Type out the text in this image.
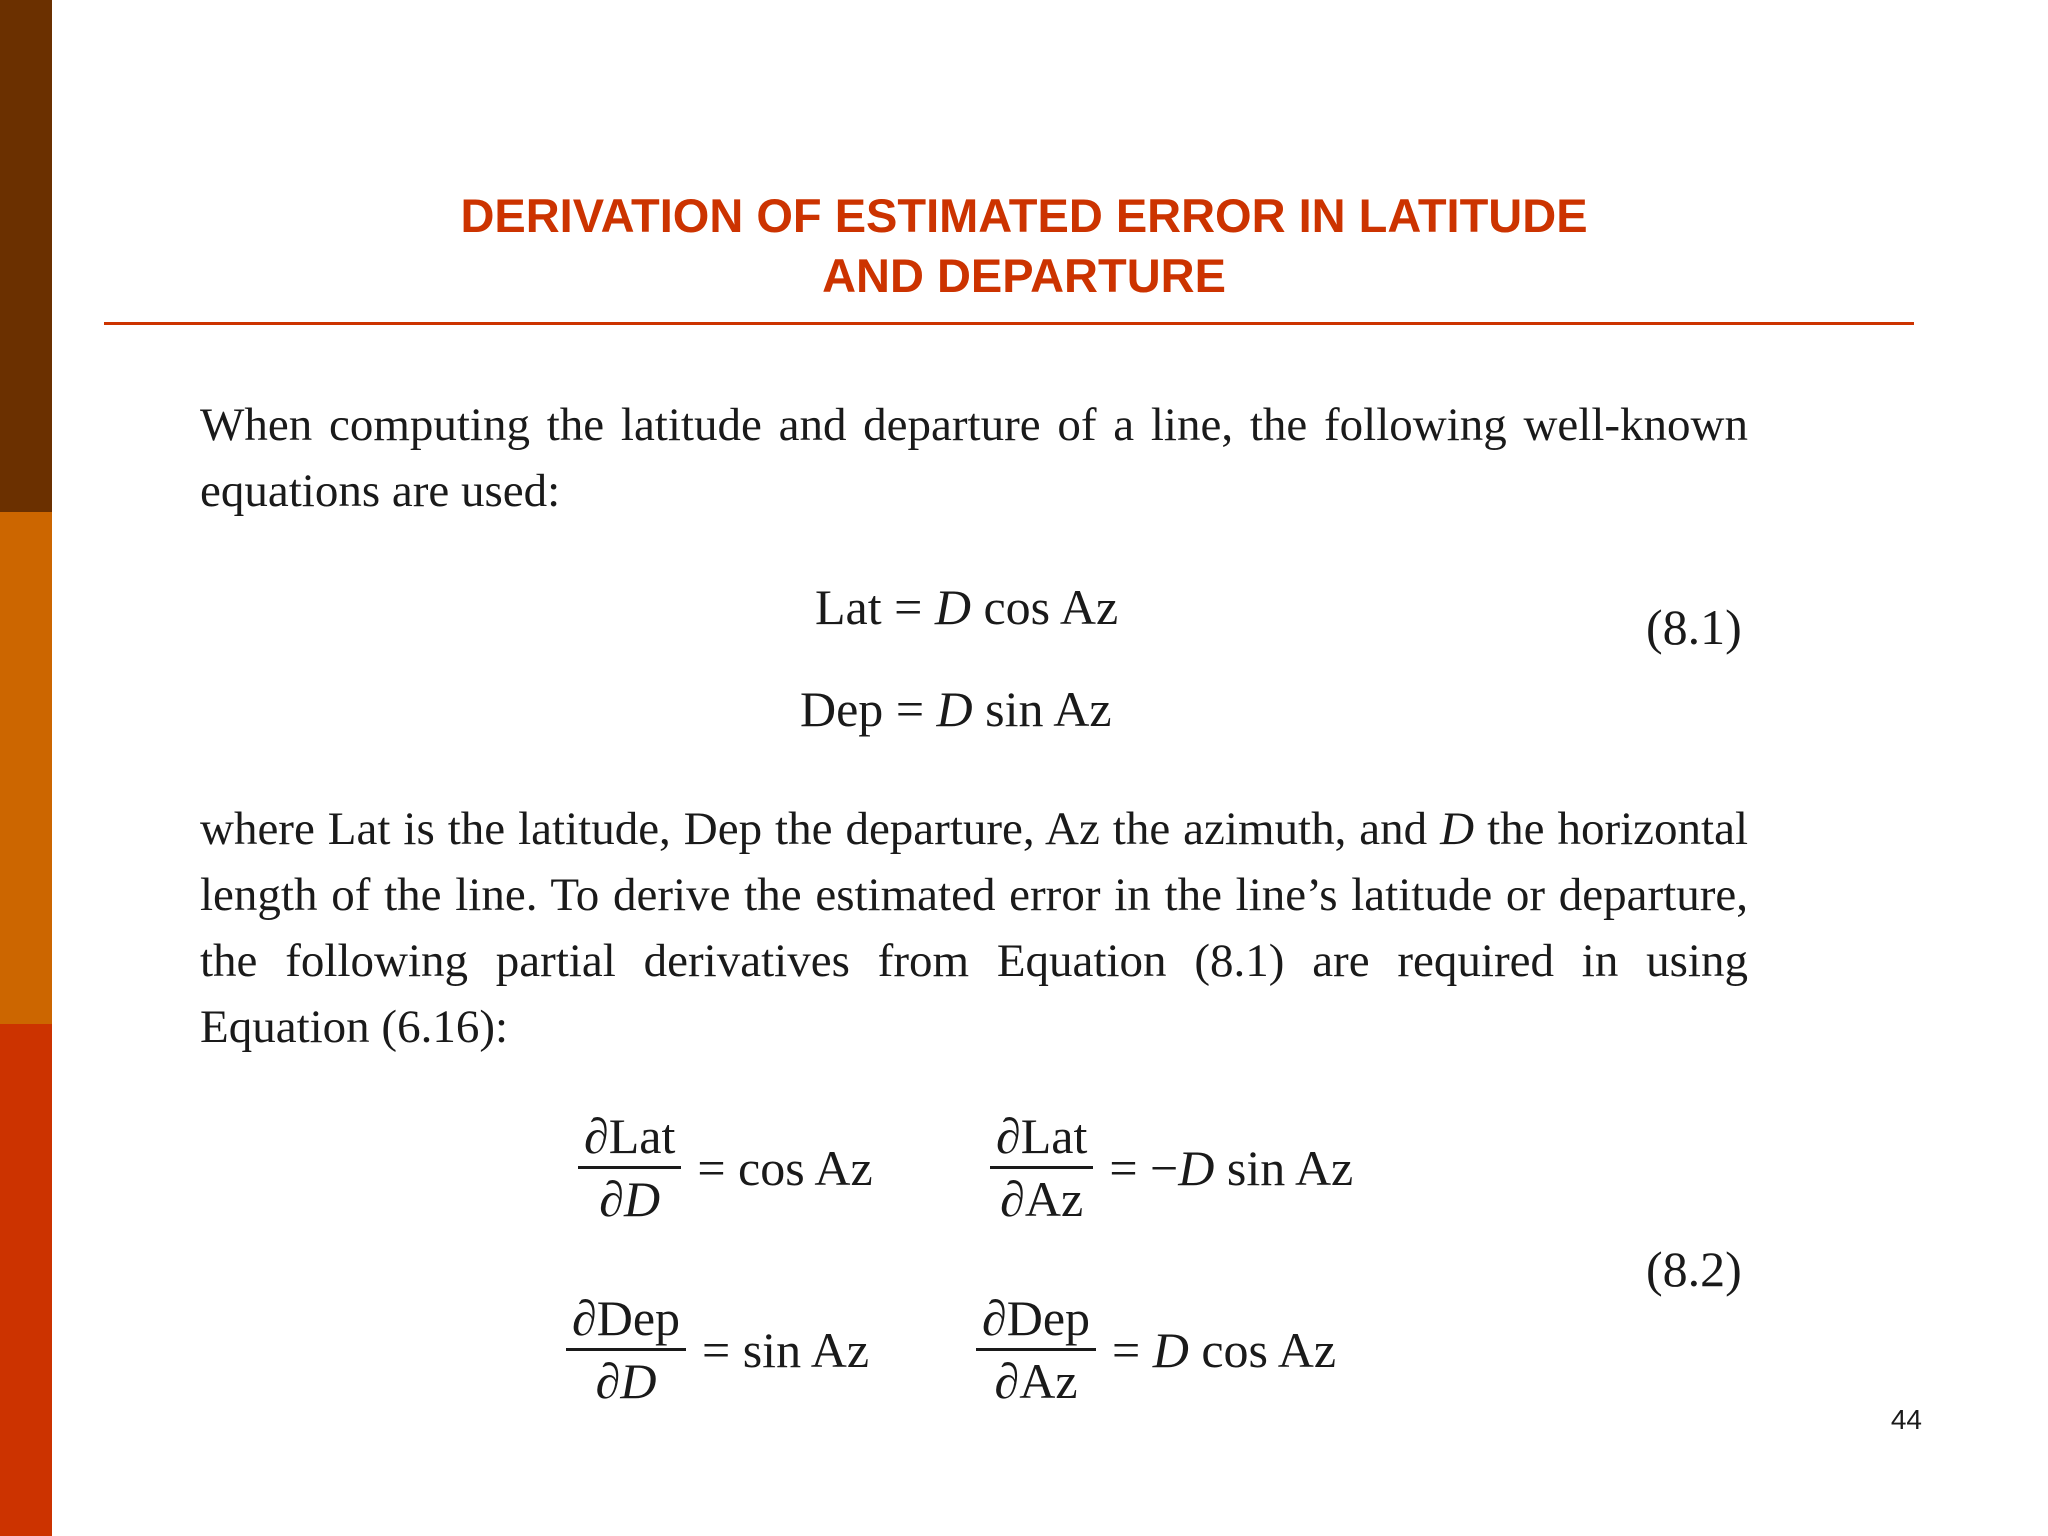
DERIVATION OF ESTIMATED ERROR IN LATITUDE
AND DEPARTURE

When computing the latitude and departure of a line, the following well-known equations are used:

Lat = D cos Az
Dep = D sin Az
(8.1)

where Lat is the latitude, Dep the departure, Az the azimuth, and D the horizontal length of the line. To derive the estimated error in the line’s latitude or departure, the following partial derivatives from Equation (8.1) are required in using Equation (6.16):

$\frac{\text{∂Lat}}{\partial D} = \cos Az \frac{\text{∂Lat}}{\partial Az} = -D$ sin Az
$\frac{\text{∂Dep}}{\partial D} = \sin Az \frac{\text{∂Dep}}{\partial Az} = D$ cos Az
(8.2)
44
